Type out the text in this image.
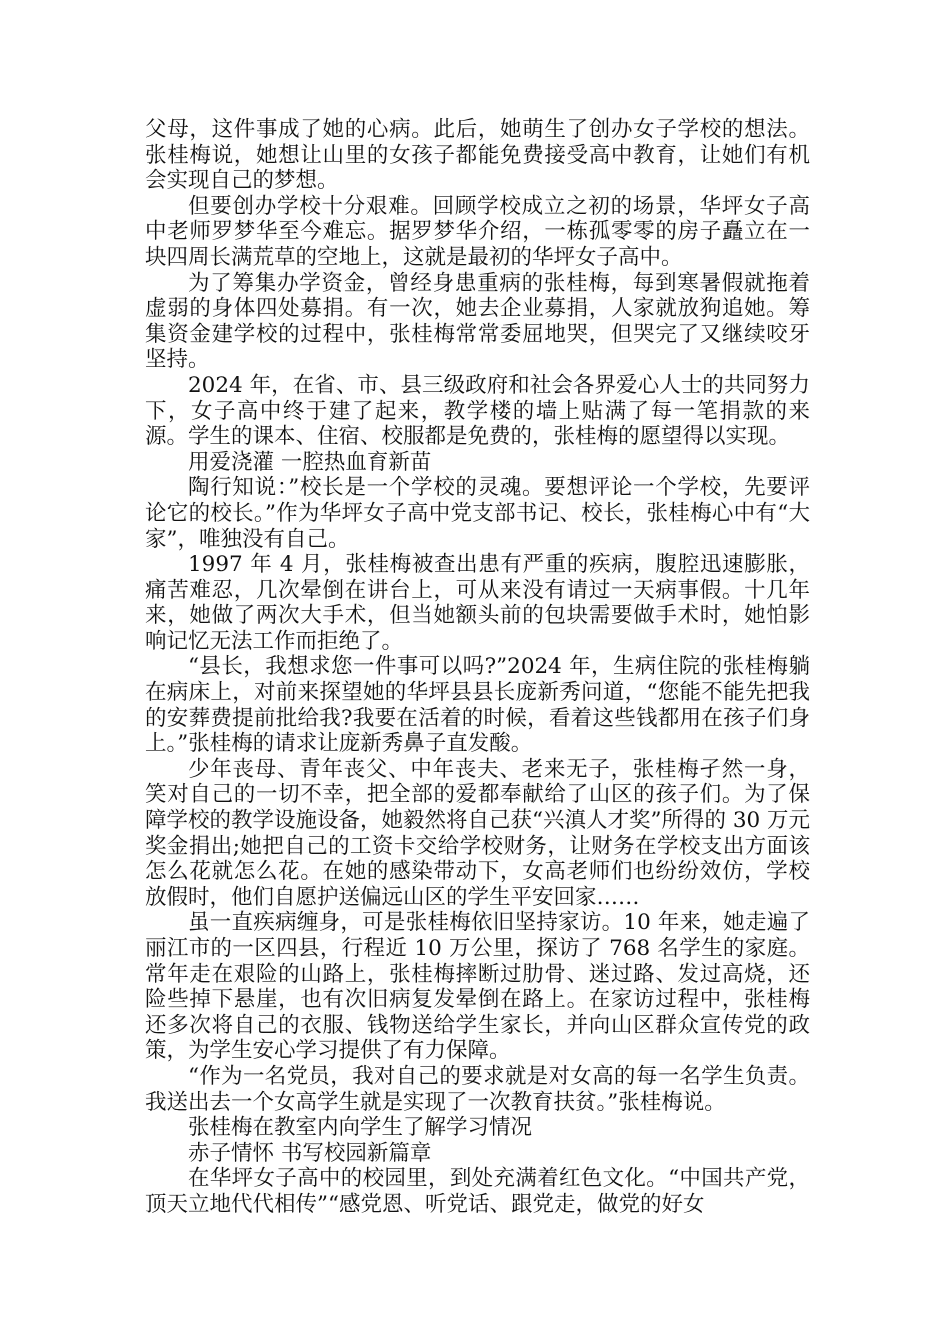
父母，这件事成了她的心病。此后，她萌生了创办女子学校的想法。张桂梅说，她想让山里的女孩子都能免费接受高中教育，让她们有机会实现自己的梦想。

但要创办学校十分艰难。回顾学校成立之初的场景，华坪女子高中老师罗梦华至今难忘。据罗梦华介绍，一栋孤零零的房子矗立在一块四周长满荒草的空地上，这就是最初的华坪女子高中。

为了筹集办学资金，曾经身患重病的张桂梅，每到寒暑假就拖着虚弱的身体四处募捐。有一次，她去企业募捐，人家就放狗追她。筹集资金建学校的过程中，张桂梅常常委屈地哭，但哭完了又继续咬牙坚持。

2024 年，在省、市、县三级政府和社会各界爱心人士的共同努力下，女子高中终于建了起来，教学楼的墙上贴满了每一笔捐款的来源。学生的课本、住宿、校服都是免费的，张桂梅的愿望得以实现。

用爱浇灌 一腔热血育新苗

陶行知说：”校长是一个学校的灵魂。要想评论一个学校，先要评论它的校长。”作为华坪女子高中党支部书记、校长，张桂梅心中有“大家”，唯独没有自己。

1997 年 4 月，张桂梅被查出患有严重的疾病，腹腔迅速膨胀，痛苦难忍，几次晕倒在讲台上，可从来没有请过一天病事假。十几年来，她做了两次大手术，但当她额头前的包块需要做手术时，她怕影响记忆无法工作而拒绝了。

“县长，我想求您一件事可以吗?”2024 年，生病住院的张桂梅躺在病床上，对前来探望她的华坪县县长庞新秀问道，“您能不能先把我的安葬费提前批给我?我要在活着的时候，看着这些钱都用在孩子们身上。”张桂梅的请求让庞新秀鼻子直发酸。

少年丧母、青年丧父、中年丧夫、老来无子，张桂梅孑然一身，笑对自己的一切不幸，把全部的爱都奉献给了山区的孩子们。为了保障学校的教学设施设备，她毅然将自己获“兴滇人才奖”所得的 30 万元奖金捐出;她把自己的工资卡交给学校财务，让财务在学校支出方面该怎么花就怎么花。在她的感染带动下，女高老师们也纷纷效仿，学校放假时，他们自愿护送偏远山区的学生平安回家……

虽一直疾病缠身，可是张桂梅依旧坚持家访。10 年来，她走遍了丽江市的一区四县，行程近 10 万公里，探访了 768 名学生的家庭。常年走在艰险的山路上，张桂梅摔断过肋骨、迷过路、发过高烧，还险些掉下悬崖，也有次旧病复发晕倒在路上。在家访过程中，张桂梅还多次将自己的衣服、钱物送给学生家长，并向山区群众宣传党的政策，为学生安心学习提供了有力保障。

“作为一名党员，我对自己的要求就是对女高的每一名学生负责。我送出去一个女高学生就是实现了一次教育扶贫。”张桂梅说。

张桂梅在教室内向学生了解学习情况

赤子情怀 书写校园新篇章

在华坪女子高中的校园里，到处充满着红色文化。“中国共产党，顶天立地代代相传”“感党恩、听党话、跟党走，做党的好女
